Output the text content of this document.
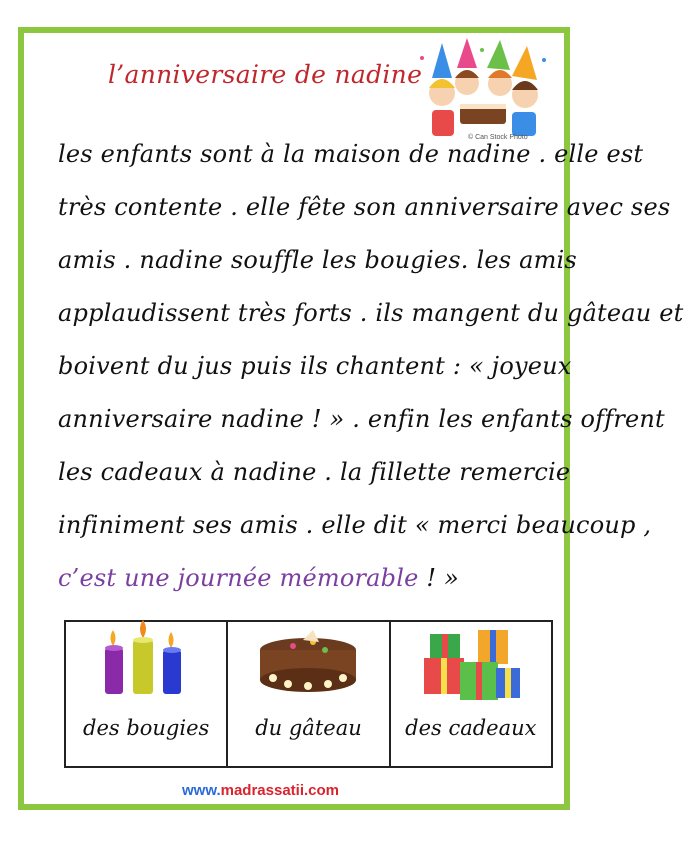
l’anniversaire de nadine
© Can Stock Photo
les enfants sont à la maison de nadine . elle est
très contente . elle fête son anniversaire avec ses
amis . nadine souffle les bougies. les amis
applaudissent très forts . ils mangent du gâteau et
boivent du jus puis ils chantent : « joyeux
anniversaire nadine ! » . enfin les enfants offrent
les cadeaux à nadine . la fillette remercie
infiniment ses amis . elle dit « merci beaucoup ,
c’est une journée mémorable ! »
des bougies	du gâteau	des cadeaux
www.madrassatii.com
